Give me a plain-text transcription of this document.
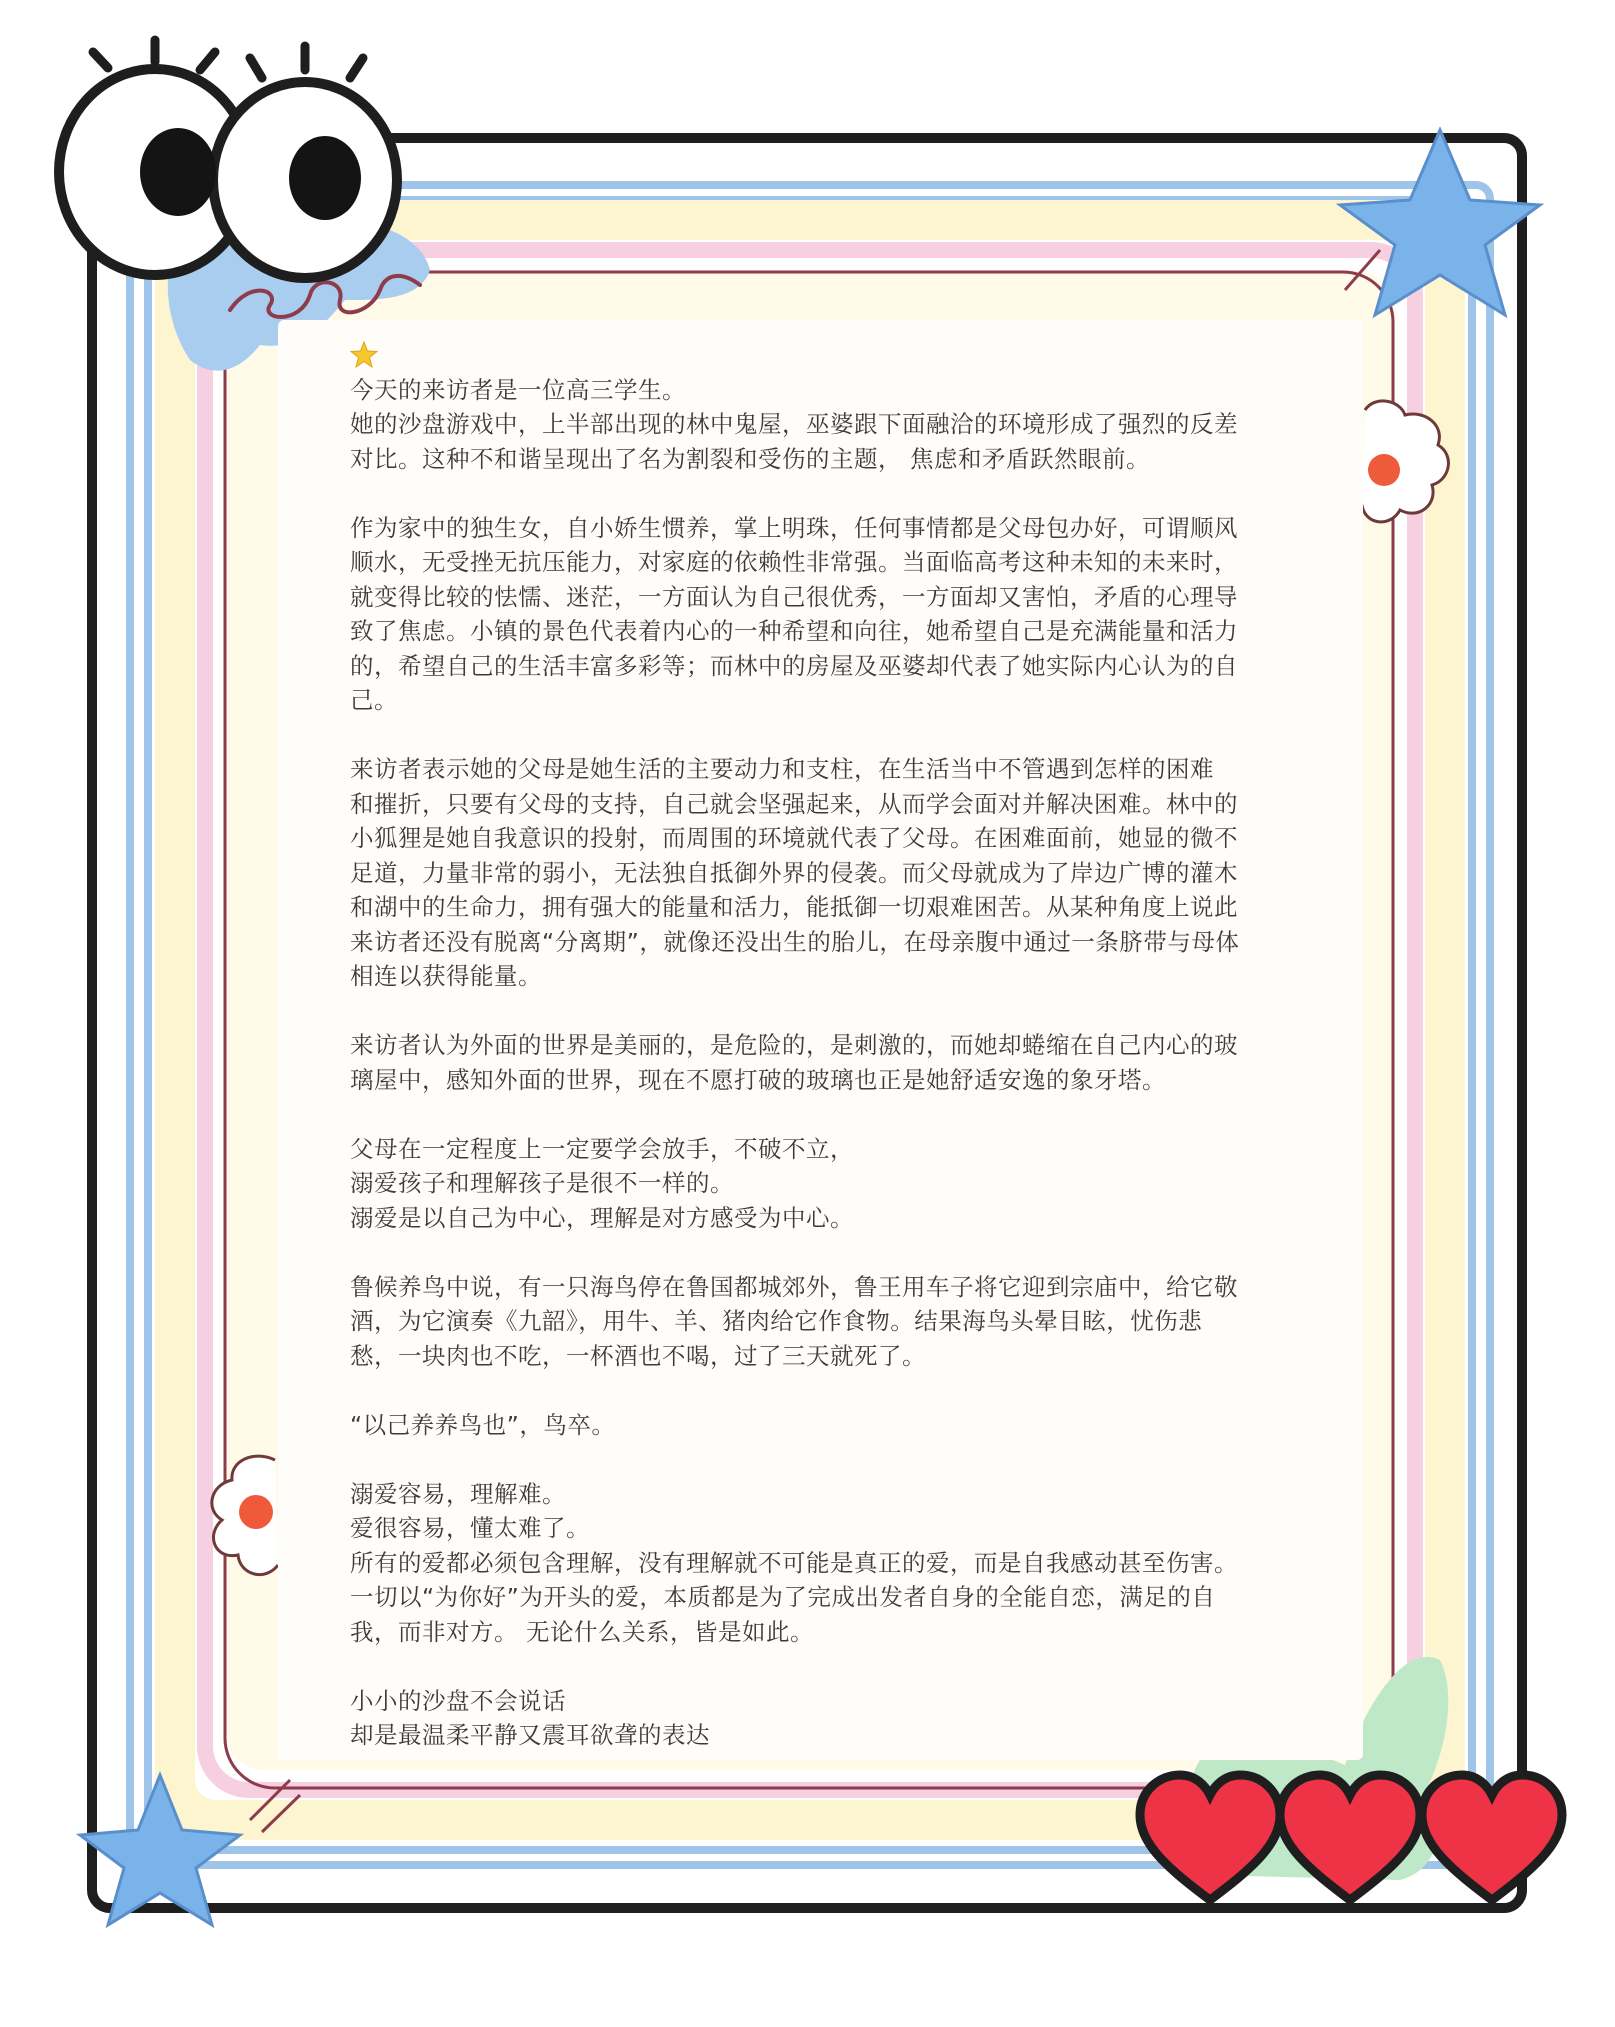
今天的来访者是一位高三学生。
她的沙盘游戏中，上半部出现的林中鬼屋，巫婆跟下面融洽的环境形成了强烈的反差
对比。这种不和谐呈现出了名为割裂和受伤的主题， 焦虑和矛盾跃然眼前。
作为家中的独生女，自小娇生惯养，掌上明珠，任何事情都是父母包办好，可谓顺风
顺水，无受挫无抗压能力，对家庭的依赖性非常强。当面临高考这种未知的未来时，
就变得比较的怯懦、迷茫，一方面认为自己很优秀，一方面却又害怕，矛盾的心理导
致了焦虑。小镇的景色代表着内心的一种希望和向往，她希望自己是充满能量和活力
的，希望自己的生活丰富多彩等；而林中的房屋及巫婆却代表了她实际内心认为的自
己。
来访者表示她的父母是她生活的主要动力和支柱，在生活当中不管遇到怎样的困难
和摧折，只要有父母的支持，自己就会坚强起来，从而学会面对并解决困难。林中的
小狐狸是她自我意识的投射，而周围的环境就代表了父母。在困难面前，她显的微不
足道，力量非常的弱小，无法独自抵御外界的侵袭。而父母就成为了岸边广博的灌木
和湖中的生命力，拥有强大的能量和活力，能抵御一切艰难困苦。从某种角度上说此
来访者还没有脱离“分离期”，就像还没出生的胎儿，在母亲腹中通过一条脐带与母体
相连以获得能量。
来访者认为外面的世界是美丽的，是危险的，是刺激的，而她却蜷缩在自己内心的玻
璃屋中，感知外面的世界，现在不愿打破的玻璃也正是她舒适安逸的象牙塔。
父母在一定程度上一定要学会放手，不破不立，
溺爱孩子和理解孩子是很不一样的。
溺爱是以自己为中心，理解是对方感受为中心。
鲁候养鸟中说，有一只海鸟停在鲁国都城郊外，鲁王用车子将它迎到宗庙中，给它敬
酒，为它演奏《九韶》，用牛、羊、猪肉给它作食物。结果海鸟头晕目眩，忧伤悲
愁，一块肉也不吃，一杯酒也不喝，过了三天就死了。
“以己养养鸟也”，鸟卒。
溺爱容易，理解难。
爱很容易，懂太难了。
所有的爱都必须包含理解，没有理解就不可能是真正的爱，而是自我感动甚至伤害。
一切以“为你好”为开头的爱，本质都是为了完成出发者自身的全能自恋，满足的自
我，而非对方。 无论什么关系，皆是如此。
小小的沙盘不会说话
却是最温柔平静又震耳欲聋的表达
